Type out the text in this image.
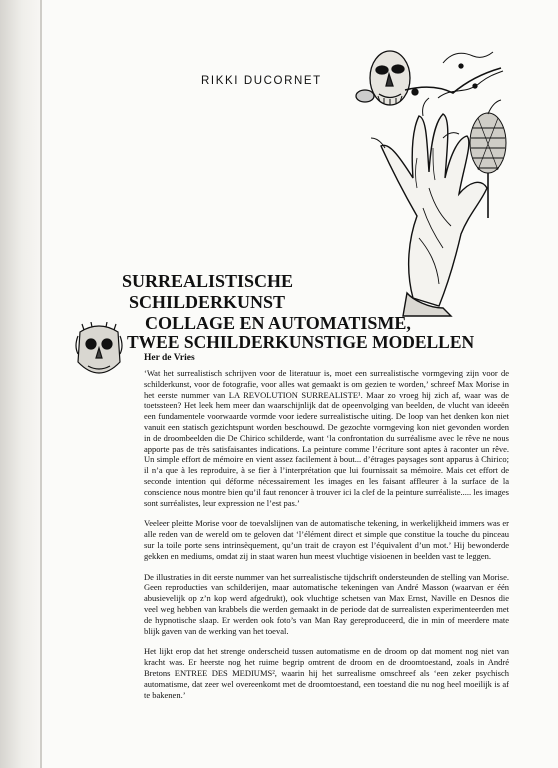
RIKKI DUCORNET
SURREALISTISCHE
SCHILDERKUNST
COLLAGE EN AUTOMATISME,
TWEE SCHILDERKUNSTIGE MODELLEN
Her de Vries

‘Wat het surrealistisch schrijven voor de literatuur is, moet een surrealistische vormgeving zijn voor de schilderkunst, voor de fotografie, voor alles wat gemaakt is om gezien te worden,’ schreef Max Morise in het eerste nummer van LA REVOLUTION SURREALISTE¹. Maar zo vroeg hij zich af, waar was de toetssteen? Het leek hem meer dan waarschijnlijk dat de opeenvolging van beelden, de vlucht van ideeën een fundamentele voorwaarde vormde voor iedere surrealistische uiting. De loop van het denken kon niet vanuit een statisch gezichtspunt worden beschouwd. De gezochte vormgeving kon niet gevonden worden in de droombeelden die De Chirico schilderde, want ‘la confrontation du surréalisme avec le rêve ne nous apporte pas de très satisfaisantes indications. La peinture comme l’écriture sont aptes à raconter un rêve. Un simple effort de mémoire en vient assez facilement à bout... d’étrages paysages sont apparus à Chirico; il n’a que à les reproduire, à se fier à l’interprétation que lui fournissait sa mémoire. Mais cet effort de seconde intention qui déforme nécessairement les images en les faisant affleurer à la surface de la conscience nous montre bien qu’il faut renoncer à trouver ici la clef de la peinture surréaliste..... les images sont surréalistes, leur expression ne l’est pas.’

Veeleer pleitte Morise voor de toevalslijnen van de automatische tekening, in werkelijkheid immers was er alle reden van de wereld om te geloven dat ‘l’élément direct et simple que constitue la touche du pinceau sur la toile porte sens intrinsèquement, qu’un trait de crayon est l’équivalent d’un mot.’ Hij bewonderde gekken en mediums, omdat zij in staat waren hun meest vluchtige visioenen in beelden vast te leggen.

De illustraties in dit eerste nummer van het surrealistische tijdschrift ondersteunden de stelling van Morise. Geen reproducties van schilderijen, maar automatische tekeningen van André Masson (waarvan er één abusievelijk op z’n kop werd afgedrukt), ook vluchtige schetsen van Max Ernst, Naville en Desnos die veel weg hebben van krabbels die werden gemaakt in de periode dat de surrealisten experimenteerden met de hypnotische slaap. Er werden ook foto’s van Man Ray gereproduceerd, die in min of meerdere mate blijk gaven van de werking van het toeval.

Het lijkt erop dat het strenge onderscheid tussen automatisme en de droom op dat moment nog niet van kracht was. Er heerste nog het ruime begrip omtrent de droom en de droomtoestand, zoals in André Bretons ENTREE DES MEDIUMS², waarin hij het surrealisme omschreef als ‘een zeker psychisch automatisme, dat zeer wel overeenkomt met de droomtoestand, een toestand die nu nog heel moeilijk is af te bakenen.’
